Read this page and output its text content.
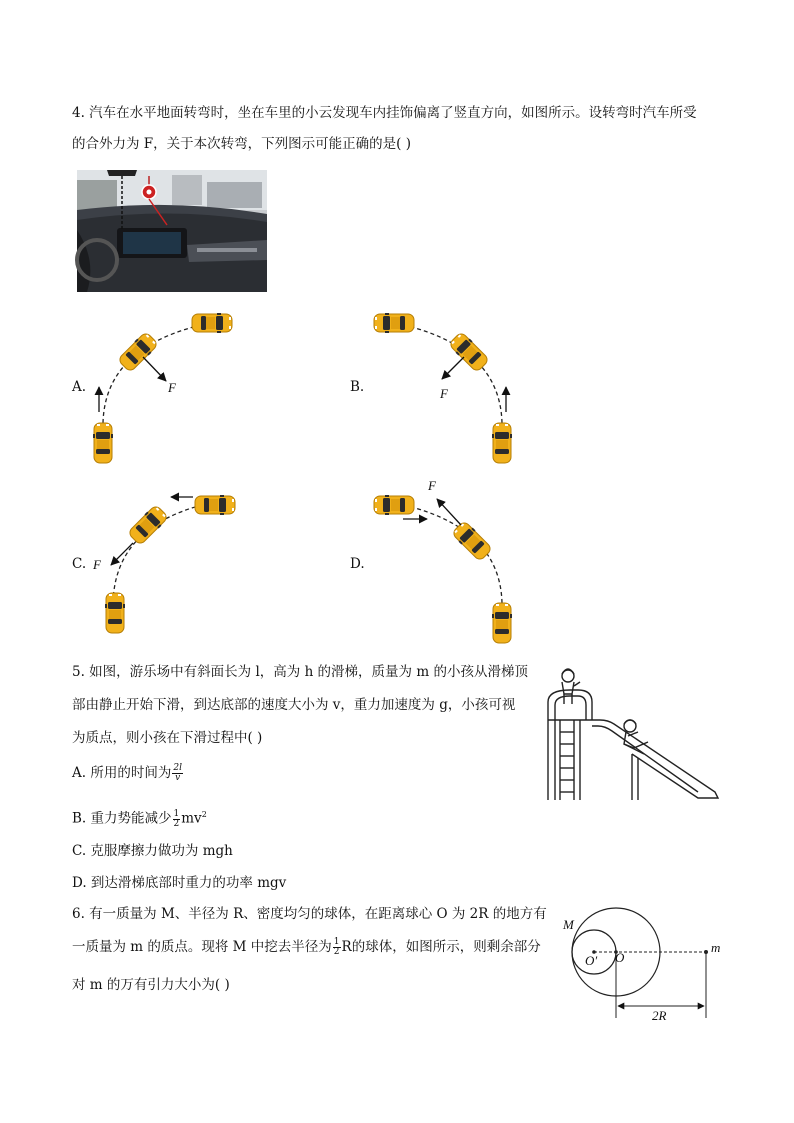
4. 汽车在水平地面转弯时，坐在车里的小云发现车内挂饰偏离了竖直方向，如图所示。设转弯时汽车所受
的合外力为 F，关于本次转弯，下列图示可能正确的是( )
A.	B.
C.	D.
F	F
F
F
5. 如图，游乐场中有斜面长为 l，高为 h 的滑梯，质量为 m 的小孩从滑梯顶
部由静止开始下滑，到达底部的速度大小为 v，重力加速度为 g，小孩可视
为质点，则小孩在下滑过程中( )
A. 所用的时间为 $\frac{2l}{v}$
B. 重力势能减少 $\frac{1}{2} mv^2$
C. 克服摩擦力做功为 mgh
D. 到达滑梯底部时重力的功率 mgv
6. 有一质量为 M、半径为 R、密度均匀的球体，在距离球心 O 为 2R 的地方有
一质量为 m 的质点。现将 M 中挖去半径为 $\frac{1}{2}$ R的球体，如图所示，则剩余部分
对 m 的万有引力大小为( )
M
O′ O
m
2R
